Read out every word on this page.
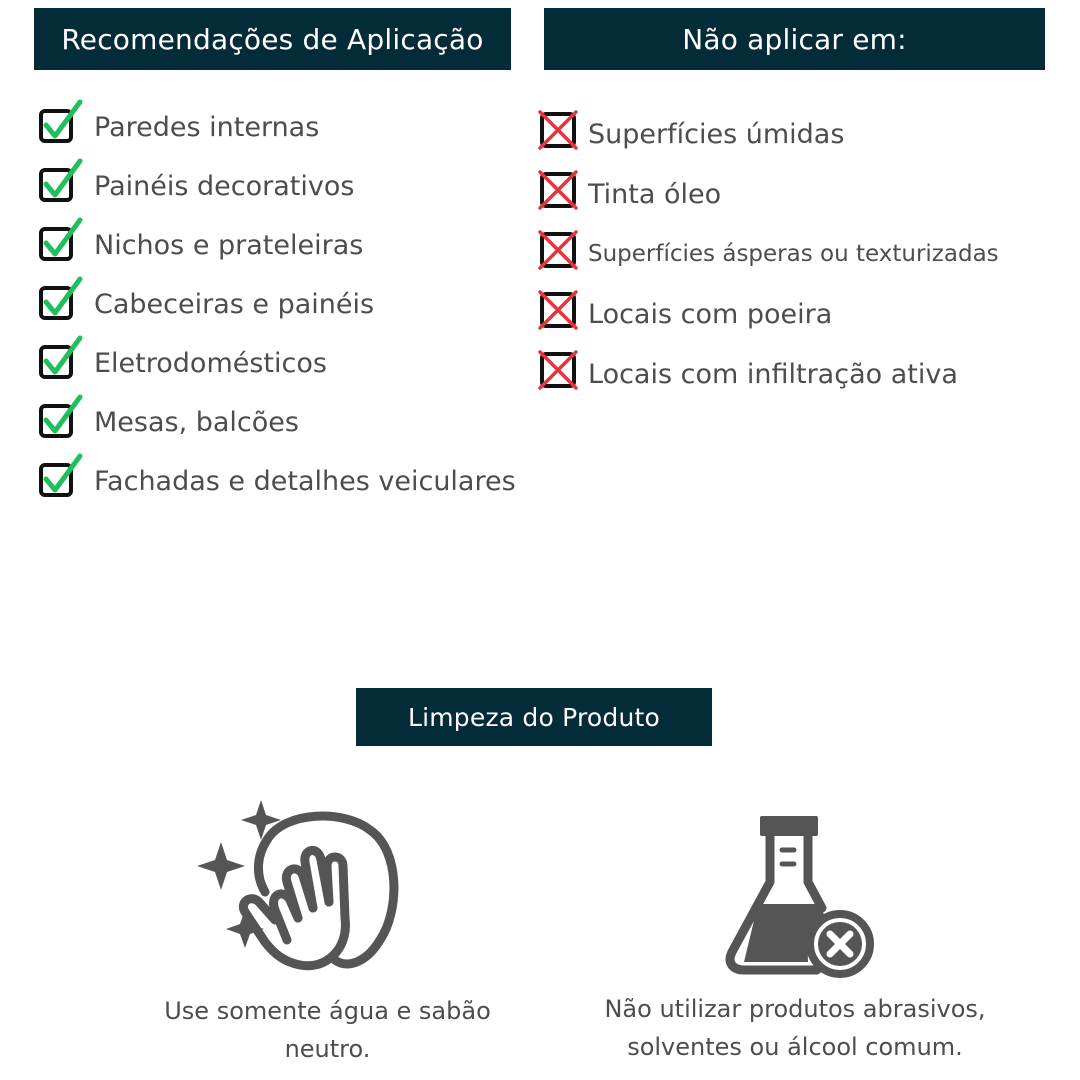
Recomendações de Aplicação	Não aplicar em:
Paredes internas
Painéis decorativos
Nichos e prateleiras
Cabeceiras e painéis
Eletrodomésticos
Mesas, balcões
Fachadas e detalhes veiculares
Superfícies úmidas
Tinta óleo
Superfícies ásperas ou texturizadas
Locais com poeira
Locais com infiltração ativa
Limpeza do Produto
Use somente água e sabão
neutro.
Não utilizar produtos abrasivos,
solventes ou álcool comum.
